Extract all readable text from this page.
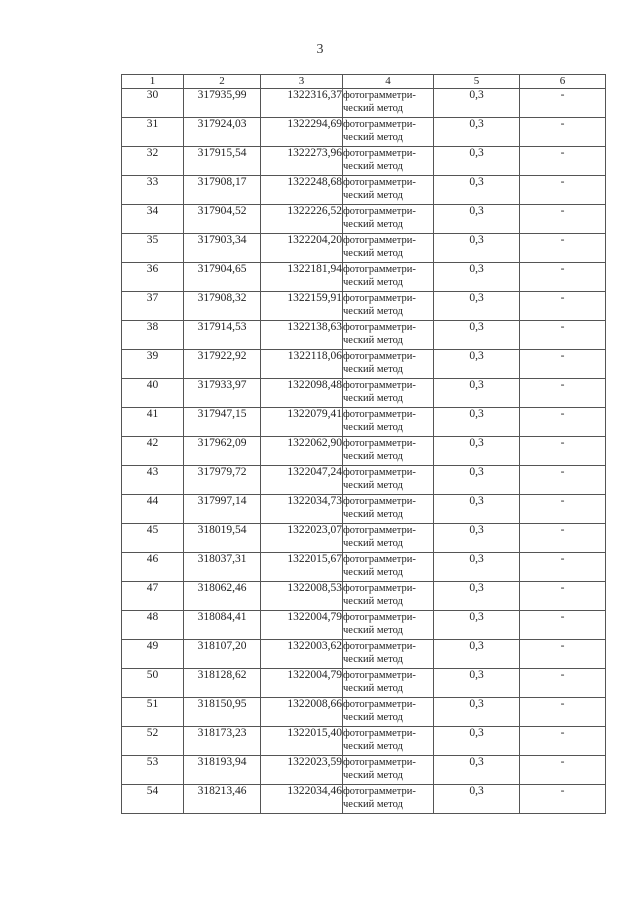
3
1	2	3	4	5	6
30	317935,99	1322316,37	фотограмметри-
ческий метод	0,3	-
31	317924,03	1322294,69	фотограмметри-
ческий метод	0,3	-
32	317915,54	1322273,96	фотограмметри-
ческий метод	0,3	-
33	317908,17	1322248,68	фотограмметри-
ческий метод	0,3	-
34	317904,52	1322226,52	фотограмметри-
ческий метод	0,3	-
35	317903,34	1322204,20	фотограмметри-
ческий метод	0,3	-
36	317904,65	1322181,94	фотограмметри-
ческий метод	0,3	-
37	317908,32	1322159,91	фотограмметри-
ческий метод	0,3	-
38	317914,53	1322138,63	фотограмметри-
ческий метод	0,3	-
39	317922,92	1322118,06	фотограмметри-
ческий метод	0,3	-
40	317933,97	1322098,48	фотограмметри-
ческий метод	0,3	-
41	317947,15	1322079,41	фотограмметри-
ческий метод	0,3	-
42	317962,09	1322062,90	фотограмметри-
ческий метод	0,3	-
43	317979,72	1322047,24	фотограмметри-
ческий метод	0,3	-
44	317997,14	1322034,73	фотограмметри-
ческий метод	0,3	-
45	318019,54	1322023,07	фотограмметри-
ческий метод	0,3	-
46	318037,31	1322015,67	фотограмметри-
ческий метод	0,3	-
47	318062,46	1322008,53	фотограмметри-
ческий метод	0,3	-
48	318084,41	1322004,79	фотограмметри-
ческий метод	0,3	-
49	318107,20	1322003,62	фотограмметри-
ческий метод	0,3	-
50	318128,62	1322004,79	фотограмметри-
ческий метод	0,3	-
51	318150,95	1322008,66	фотограмметри-
ческий метод	0,3	-
52	318173,23	1322015,40	фотограмметри-
ческий метод	0,3	-
53	318193,94	1322023,59	фотограмметри-
ческий метод	0,3	-
54	318213,46	1322034,46	фотограмметри-
ческий метод	0,3	-
